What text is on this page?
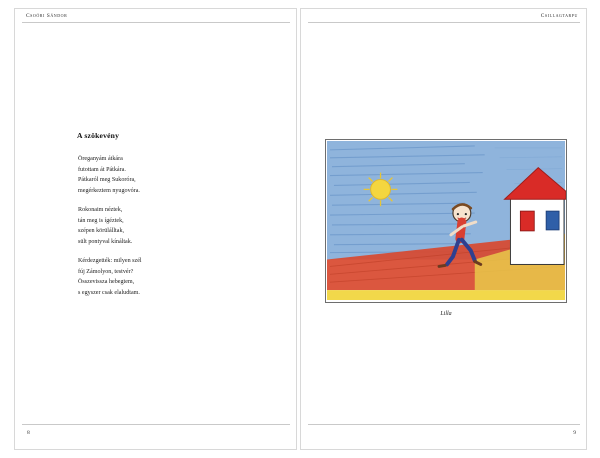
Csoóri Sándor	Csillagtarpu
8	9
A szökevény

Öreganyám átkára
futottam át Pátkára.
Pátkaról meg Sukoróra,
megérkeztem nyugovóra.

Rokonaim néztek,
tán meg is ígéztek,
szépen körülálltak,
sült pontyval kínáltak.

Kérdezgették: milyen szél
fúj Zámolyon, testvér?
Összevissza hebegtem,
s egyszer csak elaludtam.

Lilla
